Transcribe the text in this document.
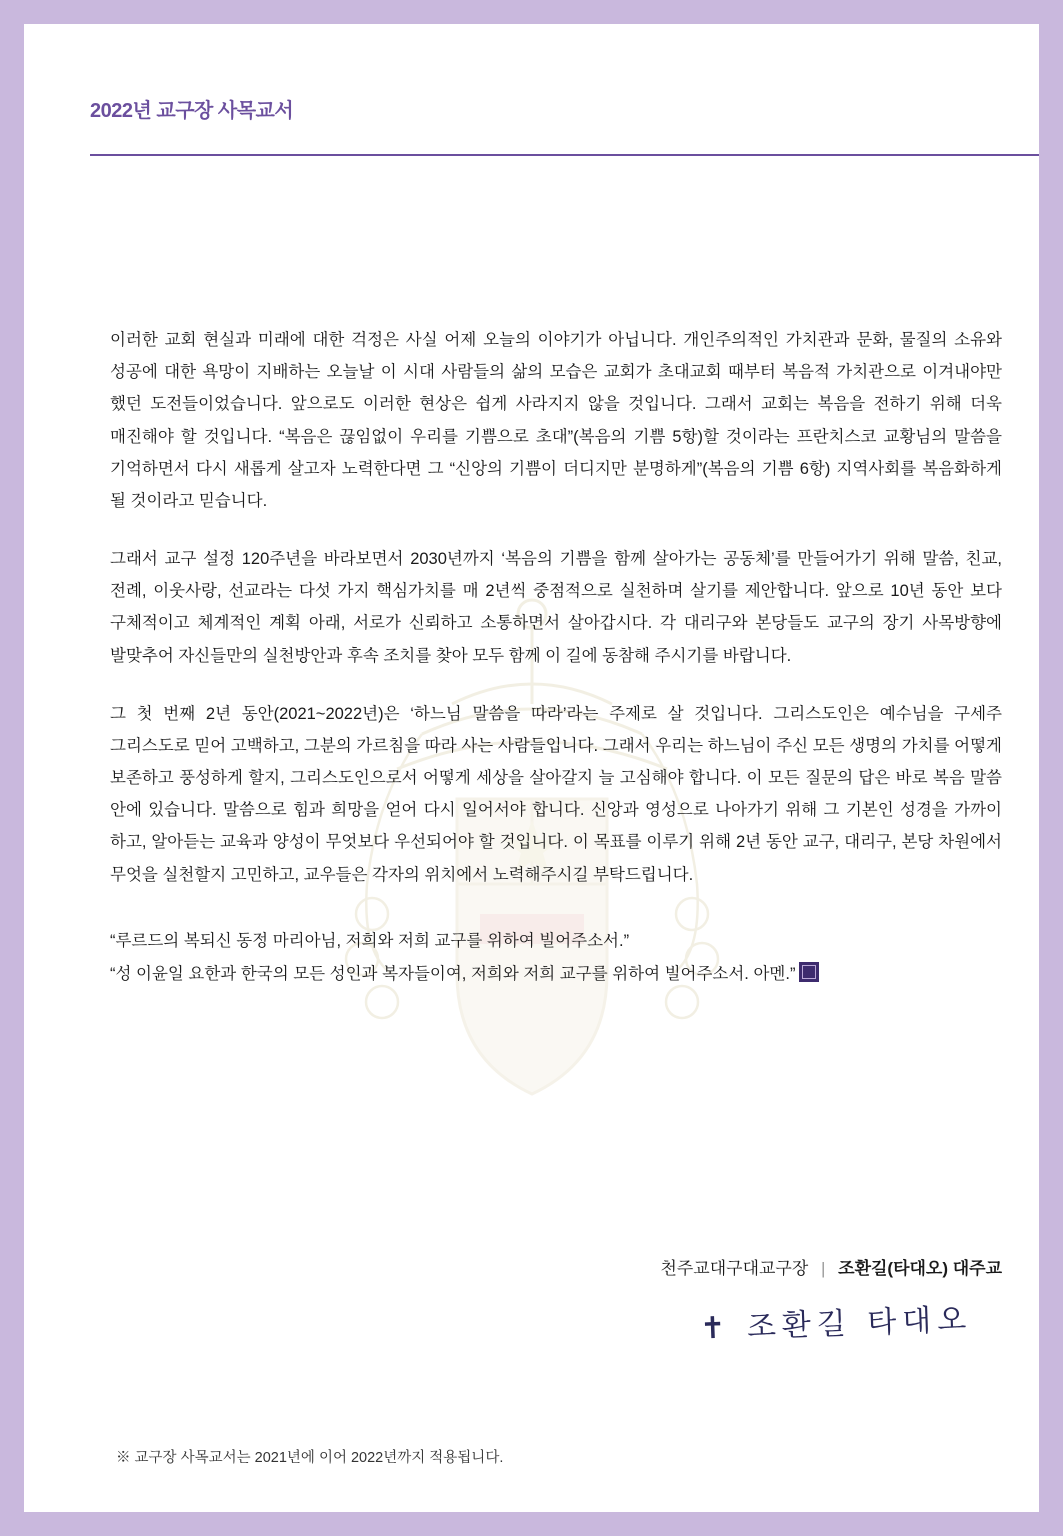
2022년 교구장 사목교서

이러한 교회 현실과 미래에 대한 걱정은 사실 어제 오늘의 이야기가 아닙니다. 개인주의적인 가치관과 문화, 물질의 소유와 성공에 대한 욕망이 지배하는 오늘날 이 시대 사람들의 삶의 모습은 교회가 초대교회 때부터 복음적 가치관으로 이겨내야만 했던 도전들이었습니다. 앞으로도 이러한 현상은 쉽게 사라지지 않을 것입니다. 그래서 교회는 복음을 전하기 위해 더욱 매진해야 할 것입니다. “복음은 끊임없이 우리를 기쁨으로 초대”(복음의 기쁨 5항)할 것이라는 프란치스코 교황님의 말씀을 기억하면서 다시 새롭게 살고자 노력한다면 그 “신앙의 기쁨이 더디지만 분명하게”(복음의 기쁨 6항) 지역사회를 복음화하게 될 것이라고 믿습니다.

그래서 교구 설정 120주년을 바라보면서 2030년까지 ‘복음의 기쁨을 함께 살아가는 공동체’를 만들어가기 위해 말씀, 친교, 전례, 이웃사랑, 선교라는 다섯 가지 핵심가치를 매 2년씩 중점적으로 실천하며 살기를 제안합니다. 앞으로 10년 동안 보다 구체적이고 체계적인 계획 아래, 서로가 신뢰하고 소통하면서 살아갑시다. 각 대리구와 본당들도 교구의 장기 사목방향에 발맞추어 자신들만의 실천방안과 후속 조치를 찾아 모두 함께 이 길에 동참해 주시기를 바랍니다.

그 첫 번째 2년 동안(2021~2022년)은 ‘하느님 말씀을 따라’라는 주제로 살 것입니다. 그리스도인은 예수님을 구세주 그리스도로 믿어 고백하고, 그분의 가르침을 따라 사는 사람들입니다. 그래서 우리는 하느님이 주신 모든 생명의 가치를 어떻게 보존하고 풍성하게 할지, 그리스도인으로서 어떻게 세상을 살아갈지 늘 고심해야 합니다. 이 모든 질문의 답은 바로 복음 말씀 안에 있습니다. 말씀으로 힘과 희망을 얻어 다시 일어서야 합니다. 신앙과 영성으로 나아가기 위해 그 기본인 성경을 가까이 하고, 알아듣는 교육과 양성이 무엇보다 우선되어야 할 것입니다. 이 목표를 이루기 위해 2년 동안 교구, 대리구, 본당 차원에서 무엇을 실천할지 고민하고, 교우들은 각자의 위치에서 노력해주시길 부탁드립니다.

“루르드의 복되신 동정 마리아님, 저희와 저희 교구를 위하여 빌어주소서.”

“성 이윤일 요한과 한국의 모든 성인과 복자들이여, 저희와 저희 교구를 위하여 빌어주소서. 아멘.”

천주교대구대교구장 | 조환길(타대오) 대주교
✝ 조환길 타대오
※ 교구장 사목교서는 2021년에 이어 2022년까지 적용됩니다.
